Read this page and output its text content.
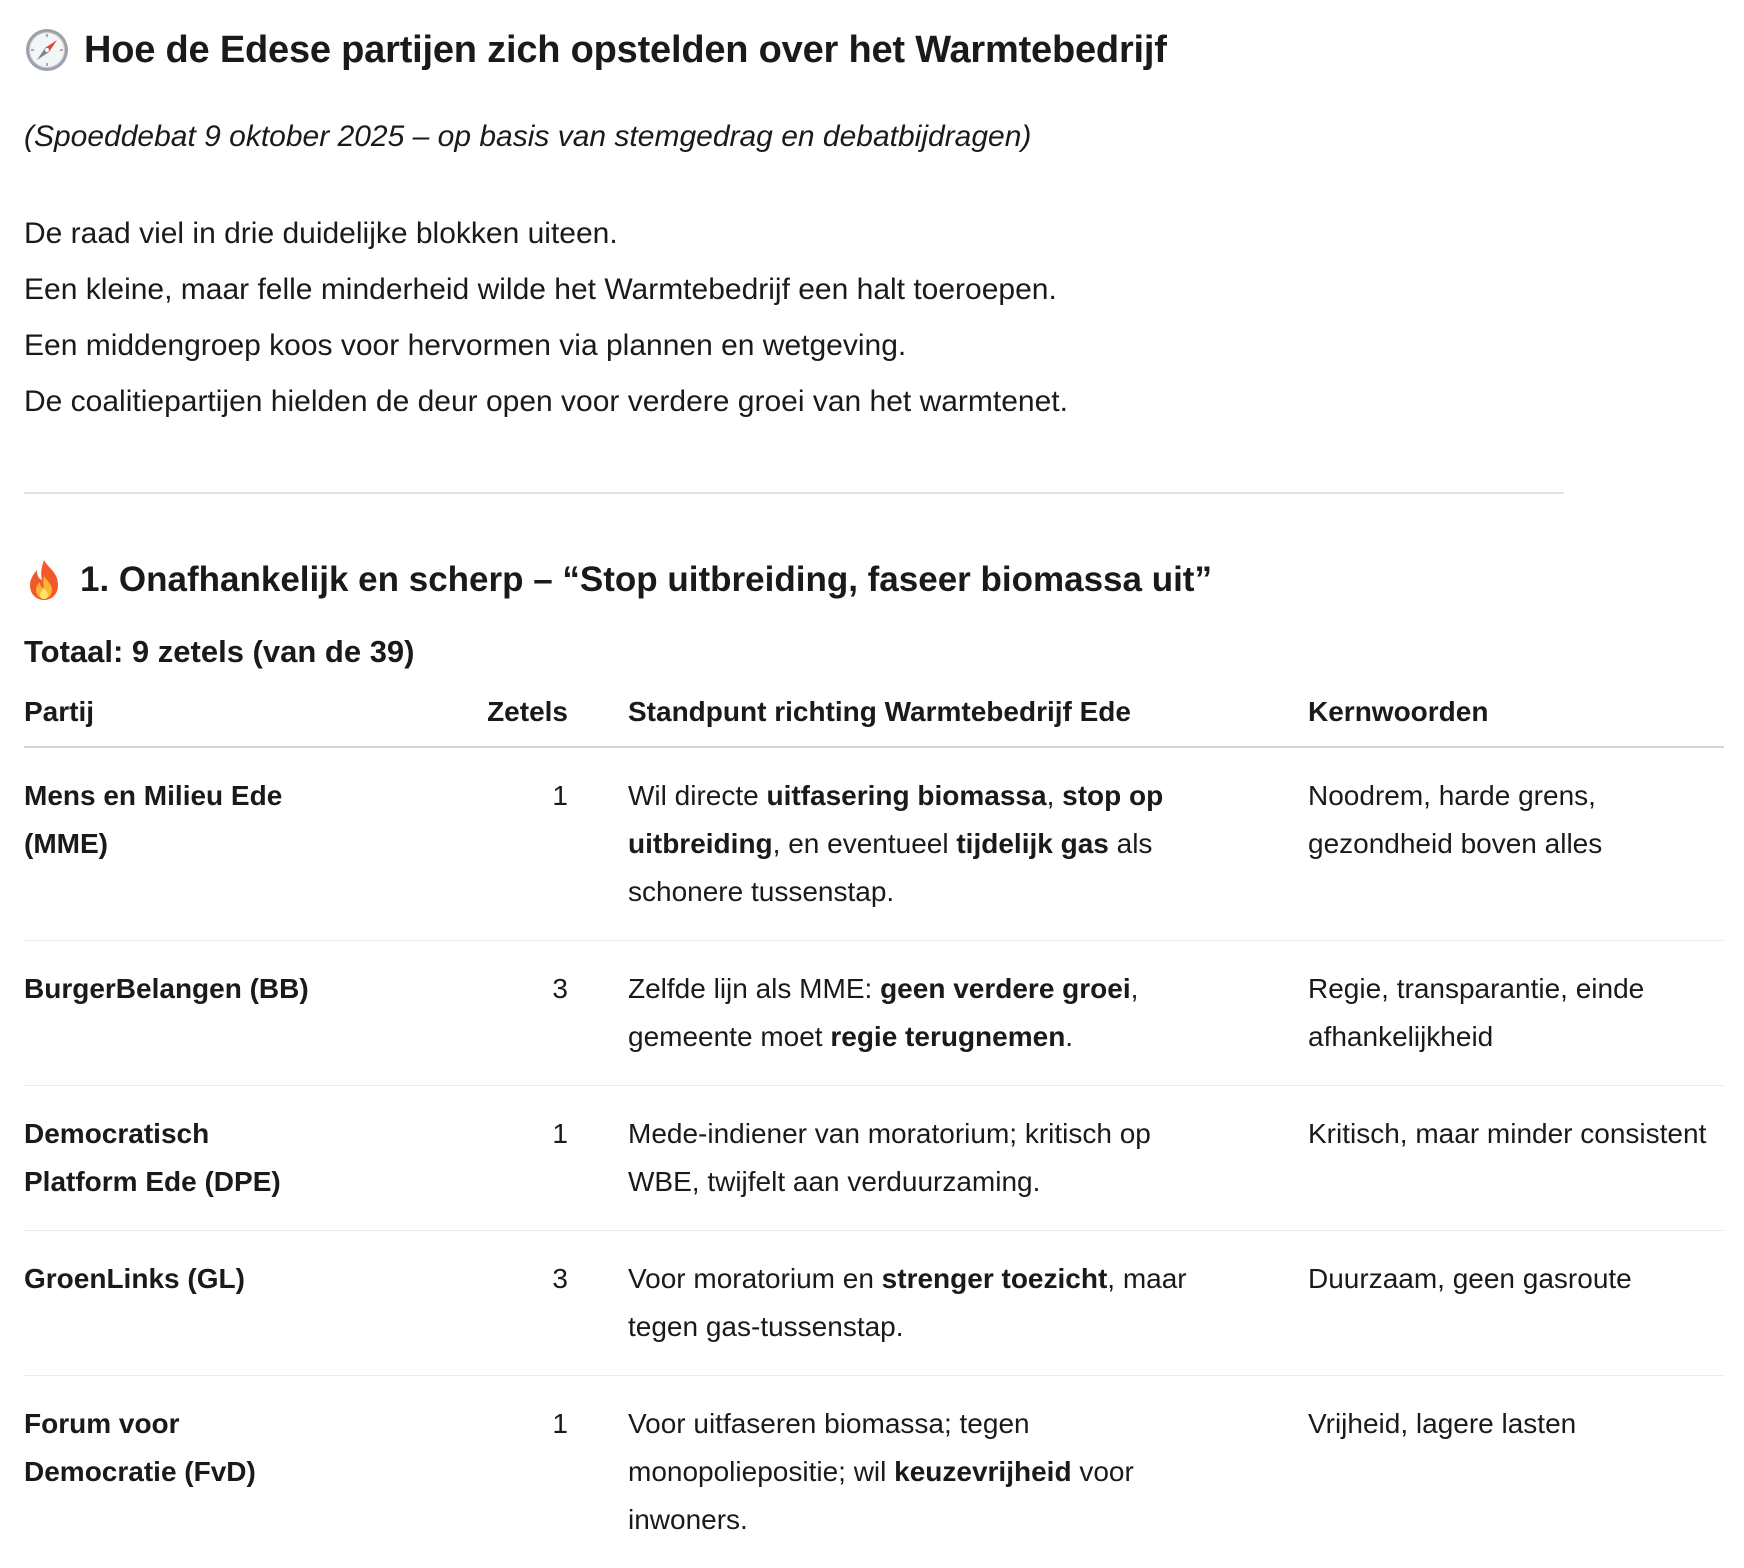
Hoe de Edese partijen zich opstelden over het Warmtebedrijf
(Spoeddebat 9 oktober 2025 – op basis van stemgedrag en debatbijdragen)

De raad viel in drie duidelijke blokken uiteen.

Een kleine, maar felle minderheid wilde het Warmtebedrijf een halt toeroepen.

Een middengroep koos voor hervormen via plannen en wetgeving.

De coalitiepartijen hielden de deur open voor verdere groei van het warmtenet.

1. Onafhankelijk en scherp – “Stop uitbreiding, faseer biomassa uit”
Totaal: 9 zetels (van de 39)
Partij	Zetels	Standpunt richting Warmtebedrijf Ede	Kernwoorden
Mens en Milieu Ede (MME)	1	Wil directe uitfasering biomassa, stop op uitbreiding, en eventueel tijdelijk gas als schonere tussenstap.	Noodrem, harde grens, gezondheid boven alles
BurgerBelangen (BB)	3	Zelfde lijn als MME: geen verdere groei, gemeente moet regie terugnemen.	Regie, transparantie, einde afhankelijkheid
Democratisch Platform Ede (DPE)	1	Mede-indiener van moratorium; kritisch op WBE, twijfelt aan verduurzaming.	Kritisch, maar minder consistent
GroenLinks (GL)	3	Voor moratorium en strenger toezicht, maar tegen gas-tussenstap.	Duurzaam, geen gasroute
Forum voor Democratie (FvD)	1	Voor uitfaseren biomassa; tegen monopoliepositie; wil keuzevrijheid voor inwoners.	Vrijheid, lagere lasten
